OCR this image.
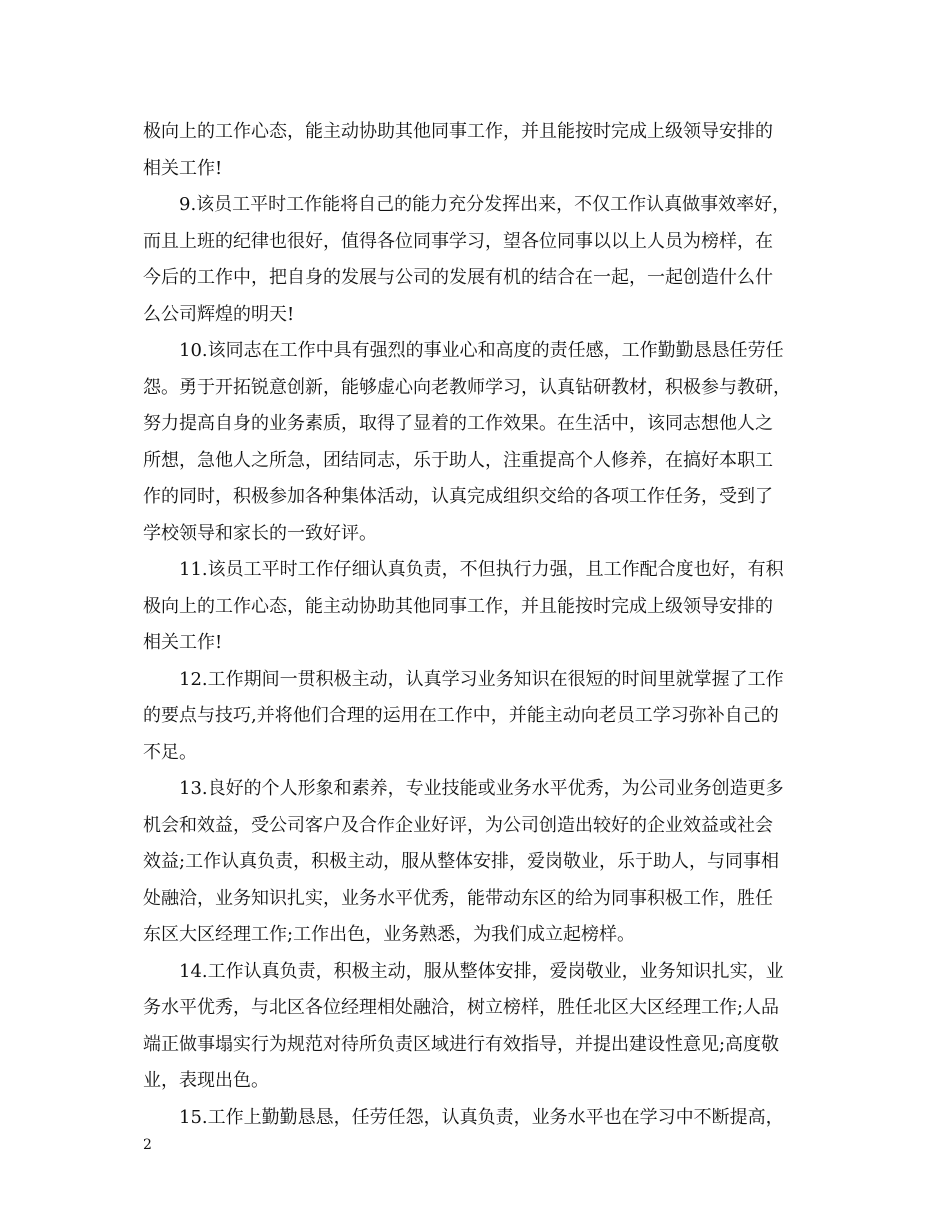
极向上的工作心态，能主动协助其他同事工作，并且能按时完成上级领导安排的
相关工作!
9.该员工平时工作能将自己的能力充分发挥出来，不仅工作认真做事效率好，
而且上班的纪律也很好，值得各位同事学习，望各位同事以以上人员为榜样，在
今后的工作中，把自身的发展与公司的发展有机的结合在一起，一起创造什么什
么公司辉煌的明天!
10.该同志在工作中具有强烈的事业心和高度的责任感，工作勤勤恳恳任劳任
怨。勇于开拓锐意创新，能够虚心向老教师学习，认真钻研教材，积极参与教研，
努力提高自身的业务素质，取得了显着的工作效果。在生活中，该同志想他人之
所想，急他人之所急，团结同志，乐于助人，注重提高个人修养，在搞好本职工
作的同时，积极参加各种集体活动，认真完成组织交给的各项工作任务，受到了
学校领导和家长的一致好评。
11.该员工平时工作仔细认真负责，不但执行力强，且工作配合度也好，有积
极向上的工作心态，能主动协助其他同事工作，并且能按时完成上级领导安排的
相关工作!
12.工作期间一贯积极主动，认真学习业务知识在很短的时间里就掌握了工作
的要点与技巧,并将他们合理的运用在工作中，并能主动向老员工学习弥补自己的
不足。
13.良好的个人形象和素养，专业技能或业务水平优秀，为公司业务创造更多
机会和效益，受公司客户及合作企业好评，为公司创造出较好的企业效益或社会
效益;工作认真负责，积极主动，服从整体安排，爱岗敬业，乐于助人，与同事相
处融洽，业务知识扎实，业务水平优秀，能带动东区的给为同事积极工作，胜任
东区大区经理工作;工作出色，业务熟悉，为我们成立起榜样。
14.工作认真负责，积极主动，服从整体安排，爱岗敬业，业务知识扎实，业
务水平优秀，与北区各位经理相处融洽，树立榜样，胜任北区大区经理工作;人品
端正做事塌实行为规范对待所负责区域进行有效指导，并提出建设性意见;高度敬
业，表现出色。
15.工作上勤勤恳恳，任劳任怨，认真负责，业务水平也在学习中不断提高，
2
